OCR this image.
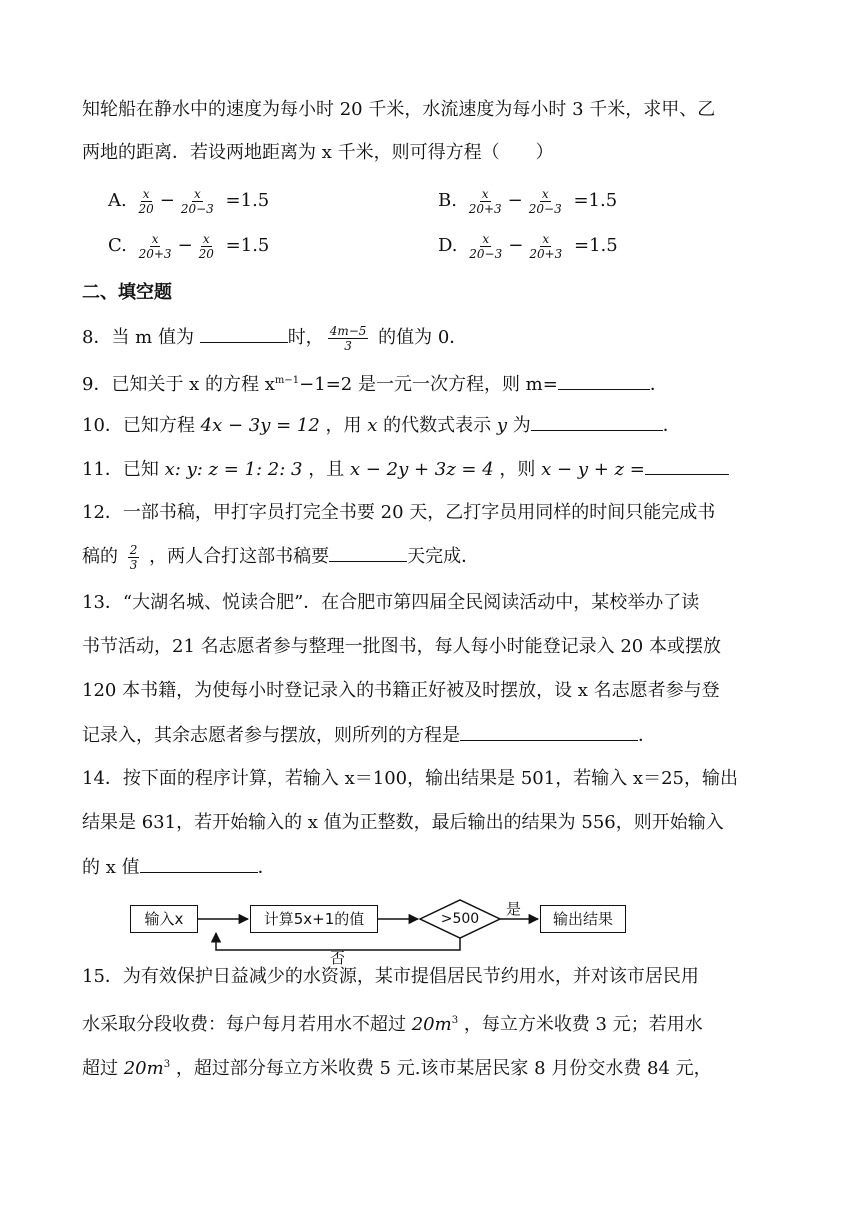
知轮船在静水中的速度为每小时 20 千米，水流速度为每小时 3 千米，求甲、乙
两地的距离．若设两地距离为 x 千米，则可得方程（　　）
A. $\frac{x}{20} - \frac{x}{20-3} =1.5$	B. $\frac{x}{20+3} - \frac{x}{20-3} =1.5$
C. $\frac{x}{20+3} - \frac{x}{20} =1.5$	D. $\frac{x}{20-3} - \frac{x}{20+3} =1.5$
二、填空题
8．当 m 值为	时， $\frac{4m-5}{3}$ 的值为 0．
9．已知关于 x 的方程 $x^{m-1}-1=2$ 是一元一次方程，则 m=	．
10．已知方程 4x − 3y = 12 ，用 x 的代数式表示 y 为	．
11．已知 x: y: z = 1: 2: 3 ，且 x − 2y + 3z = 4 ，则 x − y + z =
12．一部书稿，甲打字员打完全书要 20 天，乙打字员用同样的时间只能完成书
稿的 $\frac{2}{3}$ ，两人合打这部书稿要	天完成．
13．“大湖名城、悦读合肥”．在合肥市第四届全民阅读活动中，某校举办了读
书节活动，21 名志愿者参与整理一批图书，每人每小时能登记录入 20 本或摆放
120 本书籍，为使每小时登记录入的书籍正好被及时摆放，设 x 名志愿者参与登
记录入，其余志愿者参与摆放，则所列的方程是	．
14．按下面的程序计算，若输入 x＝100，输出结果是 501，若输入 x＝25，输出
结果是 631，若开始输入的 x 值为正整数，最后输出的结果为 556，则开始输入
的 x 值	．
输入x	计算5x+1的值	>500
是
输出结果
否
15．为有效保护日益减少的水资源，某市提倡居民节约用水，并对该市居民用
水采取分段收费：每户每月若用水不超过 $20m^3$ ，每立方米收费 3 元；若用水
超过 $20m^3$ ，超过部分每立方米收费 5 元.该市某居民家 8 月份交水费 84 元，
